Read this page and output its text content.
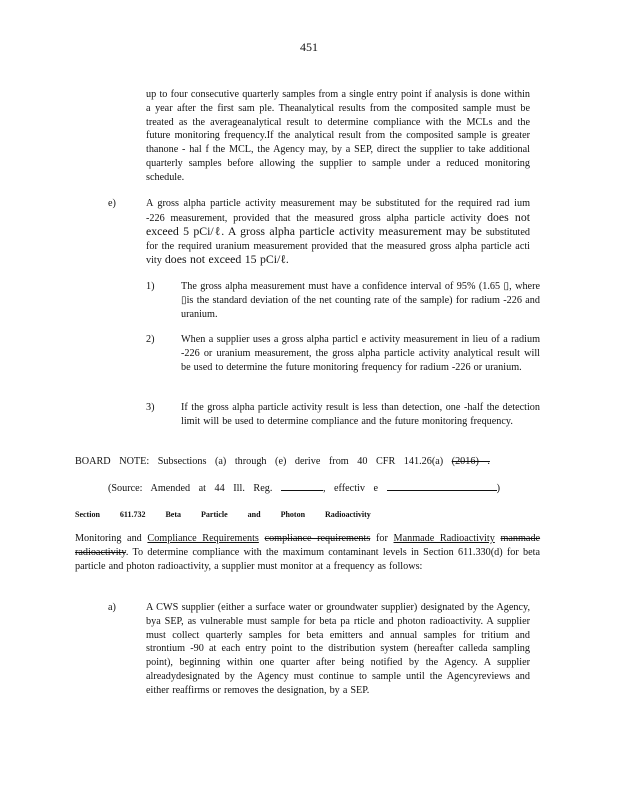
451
up to four consecutive quarterly samples from a single entry point if analysis is done within a year after the first sam ple. Theanalytical results from the composited sample must be treated as the averageanalytical result to determine compliance with the MCLs and the future monitoring frequency.If the analytical result from the composited sample is greater thanone - hal f the MCL, the Agency may, by a SEP, direct the supplier to take additional quarterly samples before allowing the supplier to sample under a reduced monitoring schedule.
e)	A gross alpha particle activity measurement may be substituted for the required rad ium -226 measurement, provided that the measured gross alpha particle activity does not exceed 5 pCi/ℓ. A gross alpha particle activity measurement may be substituted for the required uranium measurement provided that the measured gross alpha particle acti vity does not exceed 15 pCi/ℓ.
1)	The gross alpha measurement must have a confidence interval of 95% (1.65 ▯, where ▯is the standard deviation of the net counting rate of the sample) for radium -226 and uranium.
2)	When a supplier uses a gross alpha particl e activity measurement in lieu of a radium -226 or uranium measurement, the gross alpha particle activity analytical result will be used to determine the future monitoring frequency for radium -226 or uranium.
3)	If the gross alpha particle activity result is less than detection, one -half the detection limit will be used to determine compliance and the future monitoring frequency.
BOARD NOTE: Subsections (a) through (e) derive from 40 CFR 141.26(a) (2016) .
(Source: Amended at 44 Ill. Reg.	, effectiv e	)
Section	611.732	Beta	Particle	and	Photon	Radioactivity
Monitoring and Compliance Requirements compliance requirements for Manmade Radioactivity manmade radioactivity. To determine compliance with the maximum contaminant levels in Section 611.330(d) for beta particle and photon radioactivity, a supplier must monitor at a frequency as follows:
a)	A CWS supplier (either a surface water or groundwater supplier) designated by the Agency, bya SEP, as vulnerable must sample for beta pa rticle and photon radioactivity. A supplier must collect quarterly samples for beta emitters and annual samples for tritium and strontium -90 at each entry point to the distribution system (hereafter calleda sampling point), beginning within one quarter after being notified by the Agency. A supplier alreadydesignated by the Agency must continue to sample until the Agencyreviews and either reaffirms or removes the designation, by a SEP.
